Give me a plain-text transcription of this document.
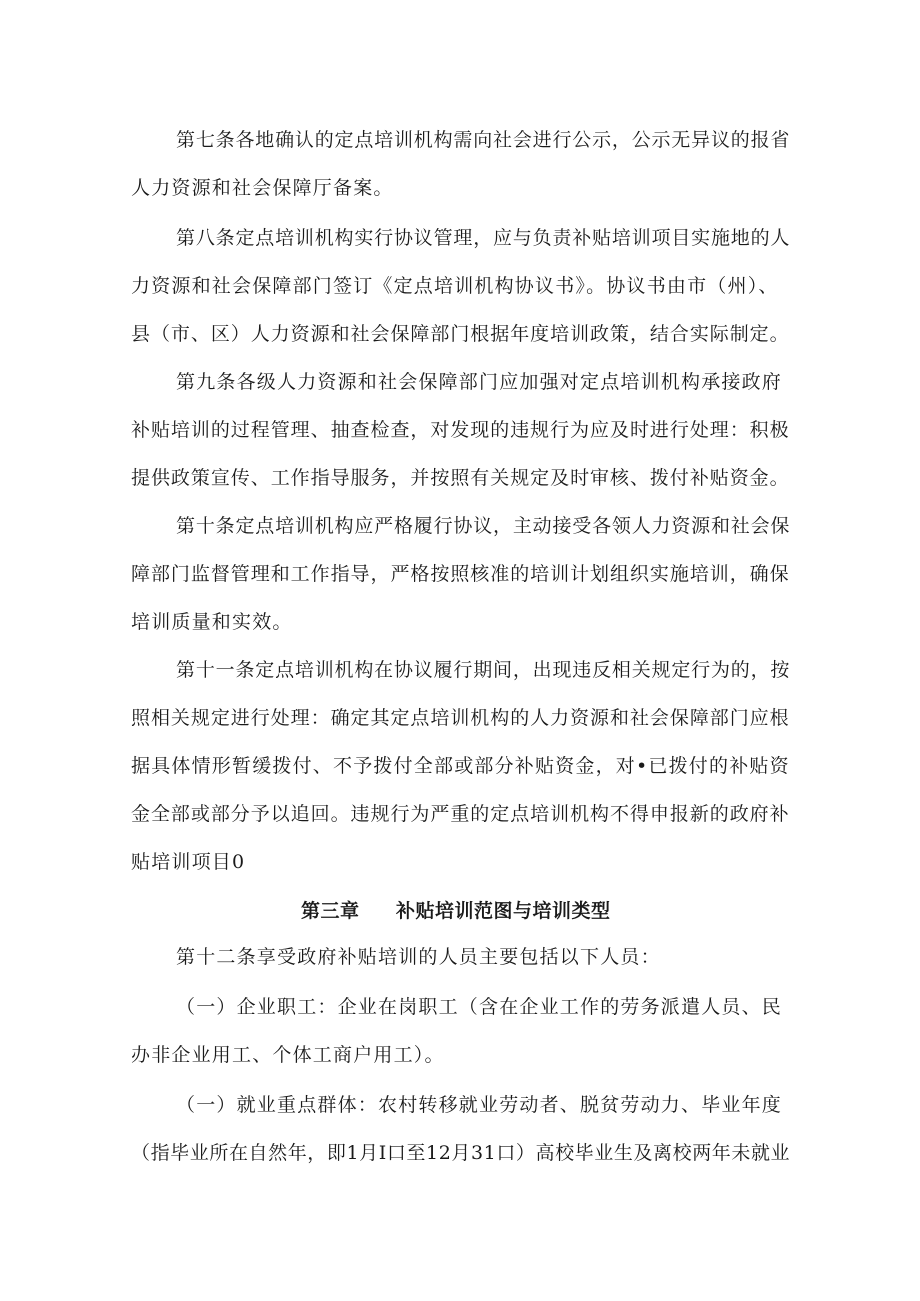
第七条各地确认的定点培训机构需向社会进行公示，公示无异议的报省
人力资源和社会保障厅备案。
第八条定点培训机构实行协议管理，应与负责补贴培训项目实施地的人
力资源和社会保障部门签订《定点培训机构协议书》。协议书由市（州）、
县（市、区）人力资源和社会保障部门根据年度培训政策，结合实际制定。
第九条各级人力资源和社会保障部门应加强对定点培训机构承接政府
补贴培训的过程管理、抽查检查，对发现的违规行为应及时进行处理：积极
提供政策宣传、工作指导服务，并按照有关规定及时审核、拨付补贴资金。
第十条定点培训机构应严格履行协议，主动接受各领人力资源和社会保
障部门监督管理和工作指导，严格按照核准的培训计划组织实施培训，确保
培训质量和实效。
第十一条定点培训机构在协议履行期间，出现违反相关规定行为的，按
照相关规定进行处理：确定其定点培训机构的人力资源和社会保障部门应根
据具体情形暂缓拨付、不予拨付全部或部分补贴资金，对•已拨付的补贴资
金全部或部分予以追回。违规行为严重的定点培训机构不得申报新的政府补
贴培训项目0
第三章 补贴培训范图与培训类型
第十二条享受政府补贴培训的人员主要包括以下人员：
（一）企业职工：企业在岗职工（含在企业工作的劳务派遣人员、民
办非企业用工、个体工商户用工）。
（一）就业重点群体：农村转移就业劳动者、脱贫劳动力、毕业年度
（指毕业所在自然年，即1月I口至12月31口）高校毕业生及离校两年未就业
